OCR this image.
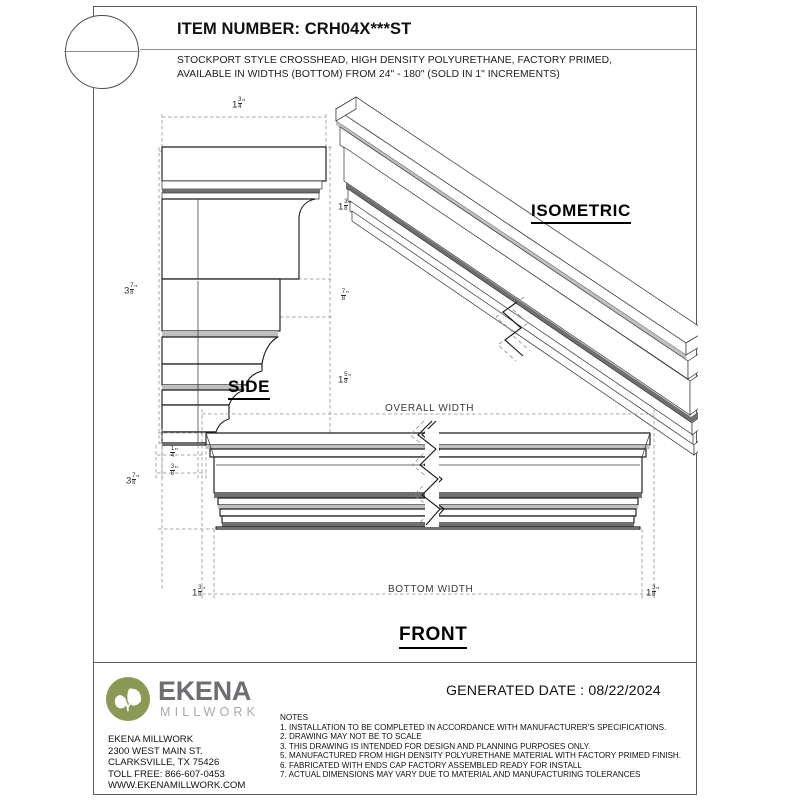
ITEM NUMBER: CRH04X***ST
STOCKPORT STYLE CROSSHEAD, HIGH DENSITY POLYURETHANE, FACTORY PRIMED,
AVAILABLE IN WIDTHS (BOTTOM) FROM 24" - 180" (SOLD IN 1" INCREMENTS)
$1 \frac{3}{4}$ "
$3 \frac{7}{8}$ "
$1 \frac{3}{8}$ "
$\frac{7}{8}$ "
$1 \frac{5}{8}$ "
$\frac{1}{4}$ "
$\frac{3}{8}$ "
OVERALL WIDTH
BOTTOM WIDTH
$3 \frac{7}{8}$ "
$1 \frac{3}{8}$ "	$1 \frac{3}{8}$ "
SIDE
ISOMETRIC
FRONT
EKENA
MILLWORK
EKENA MILLWORK
2300 WEST MAIN ST.
CLARKSVILLE, TX 75426
TOLL FREE: 866-607-0453
WWW.EKENAMILLWORK.COM
GENERATED DATE : 08/22/2024
NOTES
1. INSTALLATION TO BE COMPLETED IN ACCORDANCE WITH MANUFACTURER'S SPECIFICATIONS.
2. DRAWING MAY NOT BE TO SCALE
3. THIS DRAWING IS INTENDED FOR DESIGN AND PLANNING PURPOSES ONLY.
5. MANUFACTURED FROM HIGH DENSITY POLYURETHANE MATERIAL WITH FACTORY PRIMED FINISH.
6. FABRICATED WITH ENDS CAP FACTORY ASSEMBLED READY FOR INSTALL
7. ACTUAL DIMENSIONS MAY VARY DUE TO MATERIAL AND MANUFACTURING TOLERANCES
